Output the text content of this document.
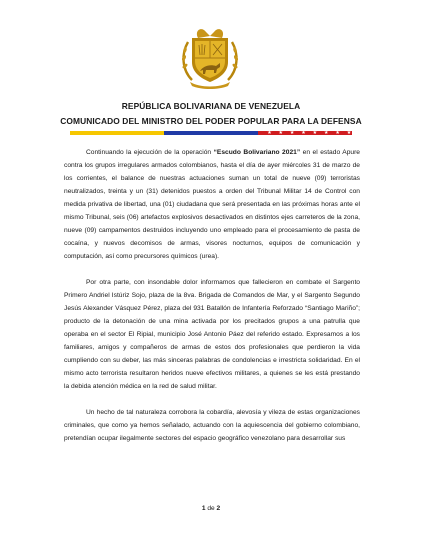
REPÚBLICA BOLIVARIANA DE VENEZUELA
COMUNICADO DEL MINISTRO DEL PODER POPULAR PARA LA DEFENSA
★ ★ ★ ★ ★ ★ ★ ★

Continuando la ejecución de la operación “Escudo Bolivariano 2021” en el estado Apure contra los grupos irregulares armados colombianos, hasta el día de ayer miércoles 31 de marzo de los corrientes, el balance de nuestras actuaciones suman un total de nueve (09) terroristas neutralizados, treinta y un (31) detenidos puestos a orden del Tribunal Militar 14 de Control con medida privativa de libertad, una (01) ciudadana que será presentada en las próximas horas ante el mismo Tribunal, seis (06) artefactos explosivos desactivados en distintos ejes carreteros de la zona, nueve (09) campamentos destruidos incluyendo uno empleado para el procesamiento de pasta de cocaína, y nuevos decomisos de armas, visores nocturnos, equipos de comunicación y computación, así como precursores químicos (urea).

Por otra parte, con insondable dolor informamos que fallecieron en combate el Sargento Primero Andriel Istúriz Sojo, plaza de la 8va. Brigada de Comandos de Mar, y el Sargento Segundo Jesús Alexander Vásquez Pérez, plaza del 931 Batallón de Infantería Reforzado “Santiago Mariño”; producto de la detonación de una mina activada por los precitados grupos a una patrulla que operaba en el sector El Ripial, municipio José Antonio Páez del referido estado. Expresamos a los familiares, amigos y compañeros de armas de estos dos profesionales que perdieron la vida cumpliendo con su deber, las más sinceras palabras de condolencias e irrestricta solidaridad. En el mismo acto terrorista resultaron heridos nueve efectivos militares, a quienes se les está prestando la debida atención médica en la red de salud militar.

Un hecho de tal naturaleza corrobora la cobardía, alevosía y vileza de estas organizaciones criminales, que como ya hemos señalado, actuando con la aquiescencia del gobierno colombiano, pretendían ocupar ilegalmente sectores del espacio geográfico venezolano para desarrollar sus

1 de 2
